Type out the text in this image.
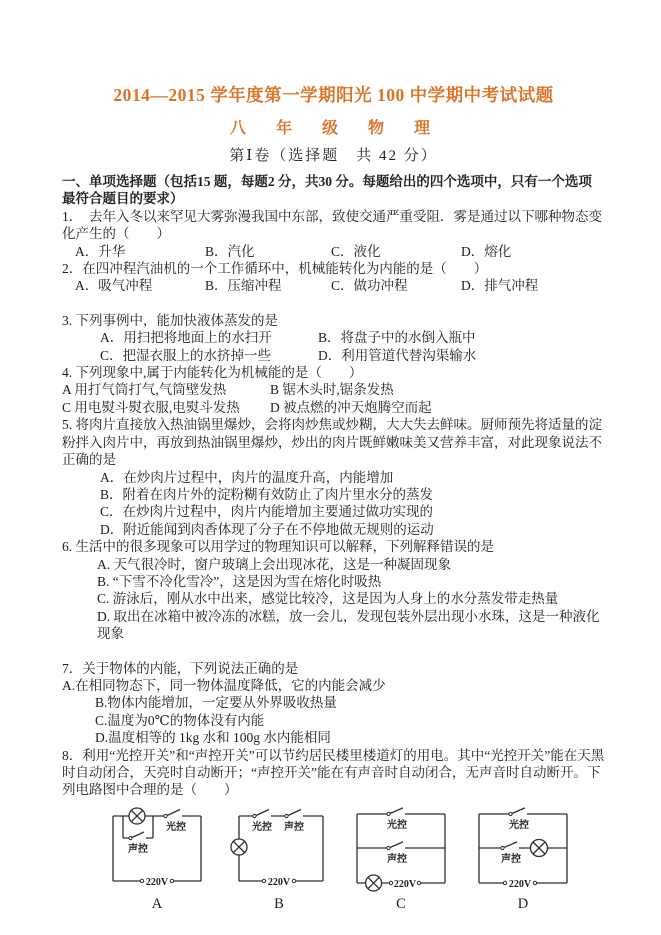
2014—2015 学年度第一学期阳光 100 中学期中考试试题
八　年　级　物　理
第Ⅰ卷（选择题　共 42 分）
一、单项选择题（包括15 题，每题2 分，共30 分。每题给出的四个选项中，只有一个选项最符合题目的要求）
1．　去年入冬以来罕见大雾弥漫我国中东部，致使交通严重受阻．雾是通过以下哪种物态变化产生的（　　）
A．升华	B．汽化	C．液化	D．熔化
2．在四冲程汽油机的一个工作循环中，机械能转化为内能的是（　　）
A．吸气冲程	B．压缩冲程	C．做功冲程	D．排气冲程
3. 下列事例中，能加快液体蒸发的是
A．用扫把将地面上的水扫开	B．将盘子中的水倒入瓶中
C．把湿衣服上的水挤掉一些	D．利用管道代替沟渠输水
4. 下列现象中,属于内能转化为机械能的是（　　）
A 用打气筒打气,气筒壁发热	B 锯木头时,锯条发热
C 用电熨斗熨衣服,电熨斗发热	D 被点燃的冲天炮腾空而起
5. 将肉片直接放入热油锅里爆炒，会将肉炒焦或炒糊，大大失去鲜味。厨师预先将适量的淀粉拌入肉片中，再放到热油锅里爆炒，炒出的肉片既鲜嫩味美又营养丰富，对此现象说法不正确的是
A．在炒肉片过程中，肉片的温度升高，内能增加
B．附着在肉片外的淀粉糊有效防止了肉片里水分的蒸发
C．在炒肉片过程中，肉片内能增加主要通过做功实现的
D．附近能闻到肉香体现了分子在不停地做无规则的运动
6. 生活中的很多现象可以用学过的物理知识可以解释，下列解释错误的是
A. 天气很冷时，窗户玻璃上会出现冰花，这是一种凝固现象
B. “下雪不冷化雪冷”，这是因为雪在熔化时吸热
C. 游泳后，刚从水中出来，感觉比较冷，这是因为人身上的水分蒸发带走热量
D. 取出在冰箱中被冷冻的冰糕，放一会儿，发现包装外层出现小水珠，这是一种液化现象
7．关于物体的内能，下列说法正确的是
A.在相同物态下，同一物体温度降低，它的内能会减少
B.物体内能增加，一定要从外界吸收热量
C.温度为0℃的物体没有内能
D.温度相等的 1kg 水和 100g 水内能相同
8．利用“光控开关”和“声控开关”可以节约居民楼里楼道灯的用电。其中“光控开关”能在天黑时自动闭合，天亮时自动断开；“声控开关”能在有声音时自动闭合，无声音时自动断开。下列电路图中合理的是（　　）
光控
声控
220V
A
光控 声控
220V
B
光控
声控
220V
C
光控
声控
220V
D
